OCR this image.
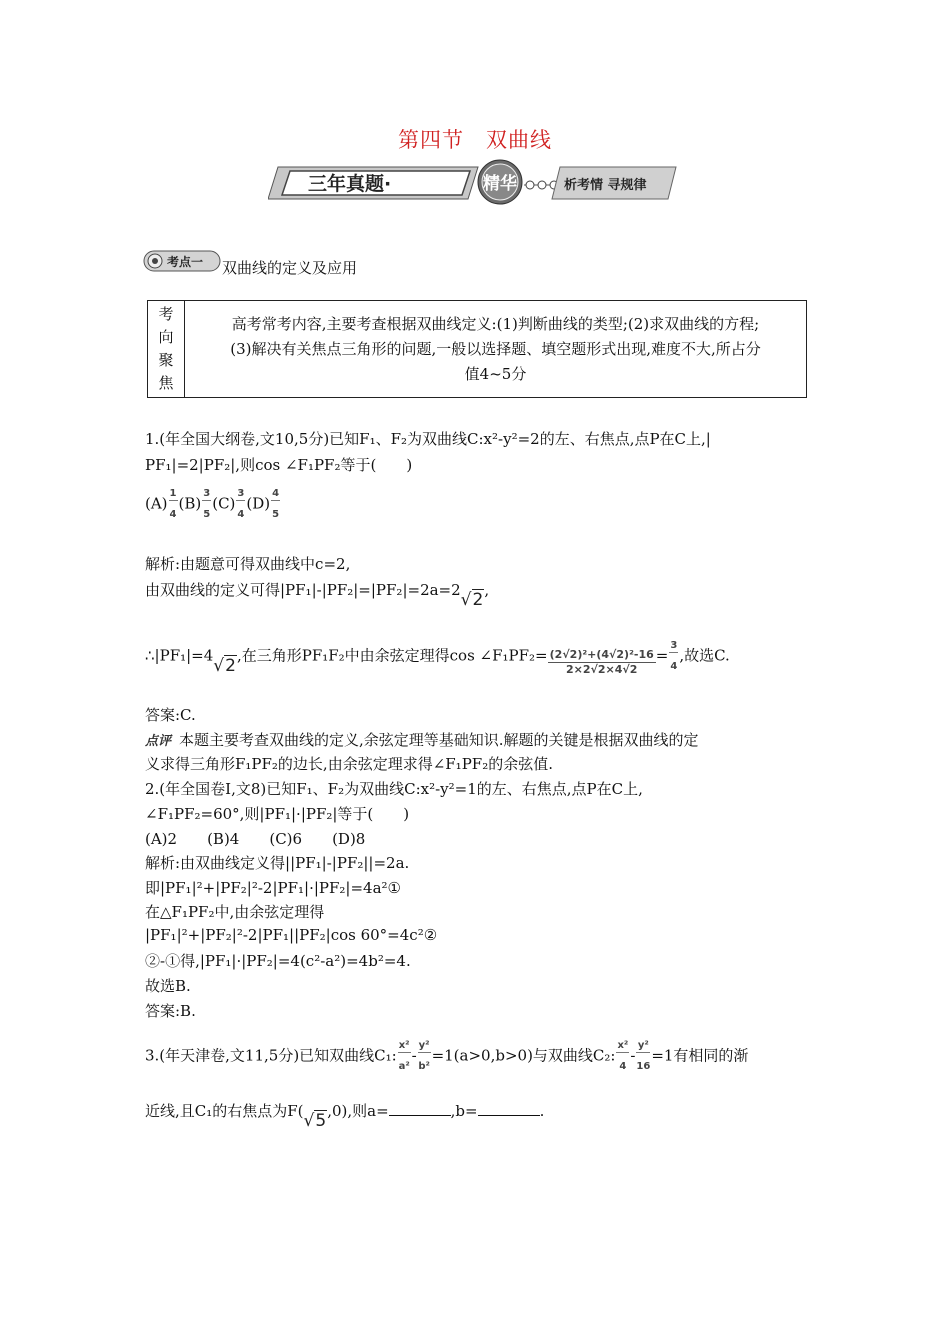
第四节　双曲线
三年真题·	精华	析考情 寻规律
考点一 双曲线的定义及应用
考
向
聚
焦

高考常考内容,主要考查根据双曲线定义:(1)判断曲线的类型;(2)求双曲线的方程;
(3)解决有关焦点三角形的问题,一般以选择题、填空题形式出现,难度不大,所占分
值4~5分
1.(年全国大纲卷,文10,5分)已知F₁、F₂为双曲线C:x²-y²=2的左、右焦点,点P在C上,|
PF₁|=2|PF₂|,则cos ∠F₁PF₂等于(　　)
$(A) \frac{1}{4} (B) \frac{3}{5} (C) \frac{3}{4} (D) \frac{4}{5}$
解析:由题意可得双曲线中c=2,
由双曲线的定义可得|PF₁|-|PF₂|=|PF₂|=2a=2√2,
∴|PF₁|=4√2,在三角形PF₁F₂中由余弦定理得cos ∠F₁PF₂= $\frac{\text{(2√2)²+(4√2)²-16}}{2\times 2√2\times 4√2}= \frac{3}{4}$ ,故选C.
答案:C.
点评 本题主要考查双曲线的定义,余弦定理等基础知识.解题的关键是根据双曲线的定
义求得三角形F₁PF₂的边长,由余弦定理求得∠F₁PF₂的余弦值.
2.(年全国卷Ⅰ,文8)已知F₁、F₂为双曲线C:x²-y²=1的左、右焦点,点P在C上,
∠F₁PF₂=60°,则|PF₁|·|PF₂|等于(　　)
(A)2　　(B)4　　(C)6　　(D)8
解析:由双曲线定义得||PF₁|-|PF₂||=2a.
即|PF₁|²+|PF₂|²-2|PF₁|·|PF₂|=4a²①
在△F₁PF₂中,由余弦定理得
|PF₁|²+|PF₂|²-2|PF₁||PF₂|cos 60°=4c²②
②-①得,|PF₁|·|PF₂|=4(c²-a²)=4b²=4.
故选B.
答案:B.
3.(年天津卷,文11,5分)已知双曲线C₁: $\frac{\text{x²}}{\text{a²}} - \frac{\text{y²}}{\text{b²}} =1(a>0,b>0)$与双曲线C₂: $\frac{\text{x²}}{4} - \frac{\text{y²}}{16} =1$有相同的渐
近线,且C₁的右焦点为F(√5,0),则a=	,b=	.
